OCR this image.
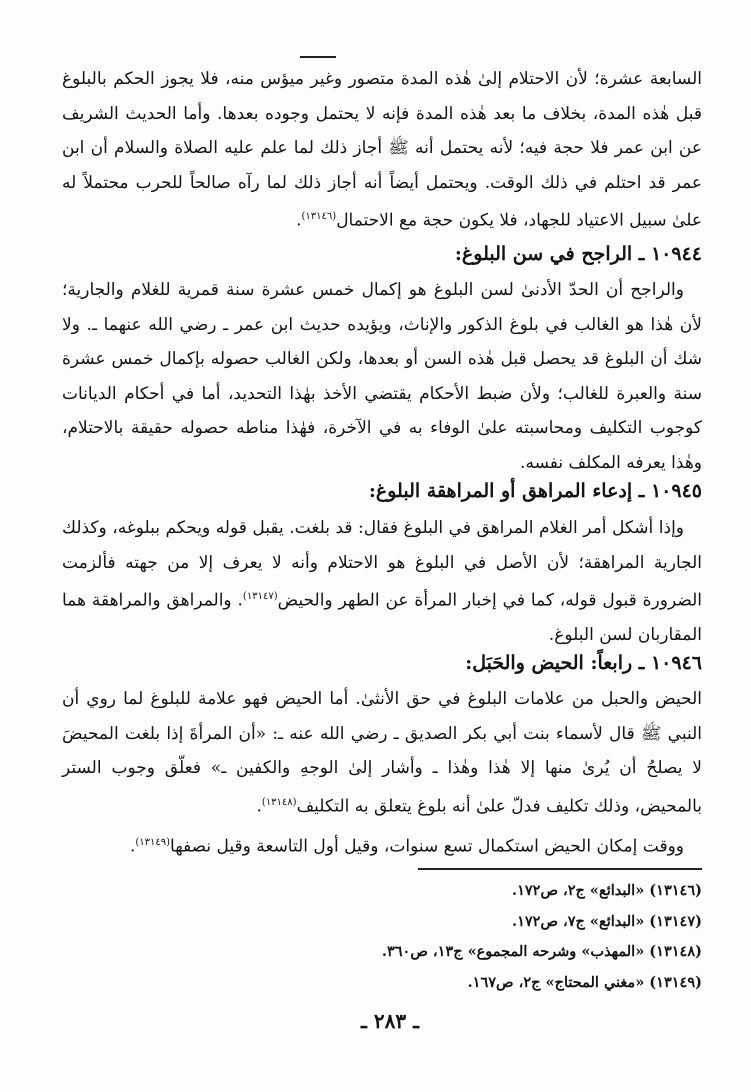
السابعة عشرة؛ لأن الاحتلام إلىٰ هٰذه المدة متصور وغير ميؤس منه، فلا يجوز الحكم بالبلوغ قبل هٰذه المدة، بخلاف ما بعد هٰذه المدة فإنه لا يحتمل وجوده بعدها. وأما الحديث الشريف عن ابن عمر فلا حجة فيه؛ لأنه يحتمل أنه ﷺ أجاز ذلك لما علم عليه الصلاة والسلام أن ابن عمر قد احتلم في ذلك الوقت. ويحتمل أيضاً أنه أجاز ذلك لما رآه صالحاً للحرب محتملاً له علىٰ سبيل الاعتياد للجهاد، فلا يكون حجة مع الاحتمال$^{(١٣١٤٦)}$.

١٠٩٤٤ ـ الراجح في سن البلوغ:

والراجح أن الحدّ الأدنىٰ لسن البلوغ هو إكمال خمس عشرة سنة قمرية للغلام والجارية؛ لأن هٰذا هو الغالب في بلوغ الذكور والإناث، ويؤيده حديث ابن عمر ـ رضي الله عنهما ـ. ولا شك أن البلوغ قد يحصل قبل هٰذه السن أو بعدها، ولكن الغالب حصوله بإكمال خمس عشرة سنة والعبرة للغالب؛ ولأن ضبط الأحكام يقتضي الأخذ بهٰذا التحديد، أما في أحكام الديانات كوجوب التكليف ومحاسبته علىٰ الوفاء به في الآخرة، فهٰذا مناطه حصوله حقيقة بالاحتلام، وهٰذا يعرفه المكلف نفسه.

١٠٩٤٥ ـ إدعاء المراهق أو المراهقة البلوغ:

وإذا أشكل أمر الغلام المراهق في البلوغ فقال: قد بلغت. يقبل قوله ويحكم ببلوغه، وكذلك الجارية المراهقة؛ لأن الأصل في البلوغ هو الاحتلام وأنه لا يعرف إلا من جهته فألزمت الضرورة قبول قوله، كما في إخبار المرأة عن الطهر والحيض$^{(١٣١٤٧)}$. والمراهق والمراهقة هما المقاربان لسن البلوغ.

١٠٩٤٦ ـ رابعاً: الحيض والحَبَل:

الحيض والحبل من علامات البلوغ في حق الأنثىٰ. أما الحيض فهو علامة للبلوغ لما روي أن النبي ﷺ قال لأسماء بنت أبي بكر الصديق ـ رضي الله عنه ـ: «أن المرأةَ إذا بلغت المحيضَ لا يصلحُ أن يُرىٰ منها إلا هٰذا وهٰذا ـ وأشار إلىٰ الوجهِ والكفين ـ» فعلّق وجوب الستر بالمحيض، وذلك تكليف فدلّ علىٰ أنه بلوغ يتعلق به التكليف$^{(١٣١٤٨)}$.

ووقت إمكان الحيض استكمال تسع سنوات، وقيل أول التاسعة وقيل نصفها$^{(١٣١٤٩)}$.

(١٣١٤٦) «البدائع» ج٢، ص١٧٢.

(١٣١٤٧) «البدائع» ج٧، ص١٧٢.

(١٣١٤٨) «المهذب» وشرحه المجموع» ج١٣، ص٣٦٠.

(١٣١٤٩) «مغني المحتاج» ج٢، ص١٦٧.

ـ ٢٨٣ ـ
